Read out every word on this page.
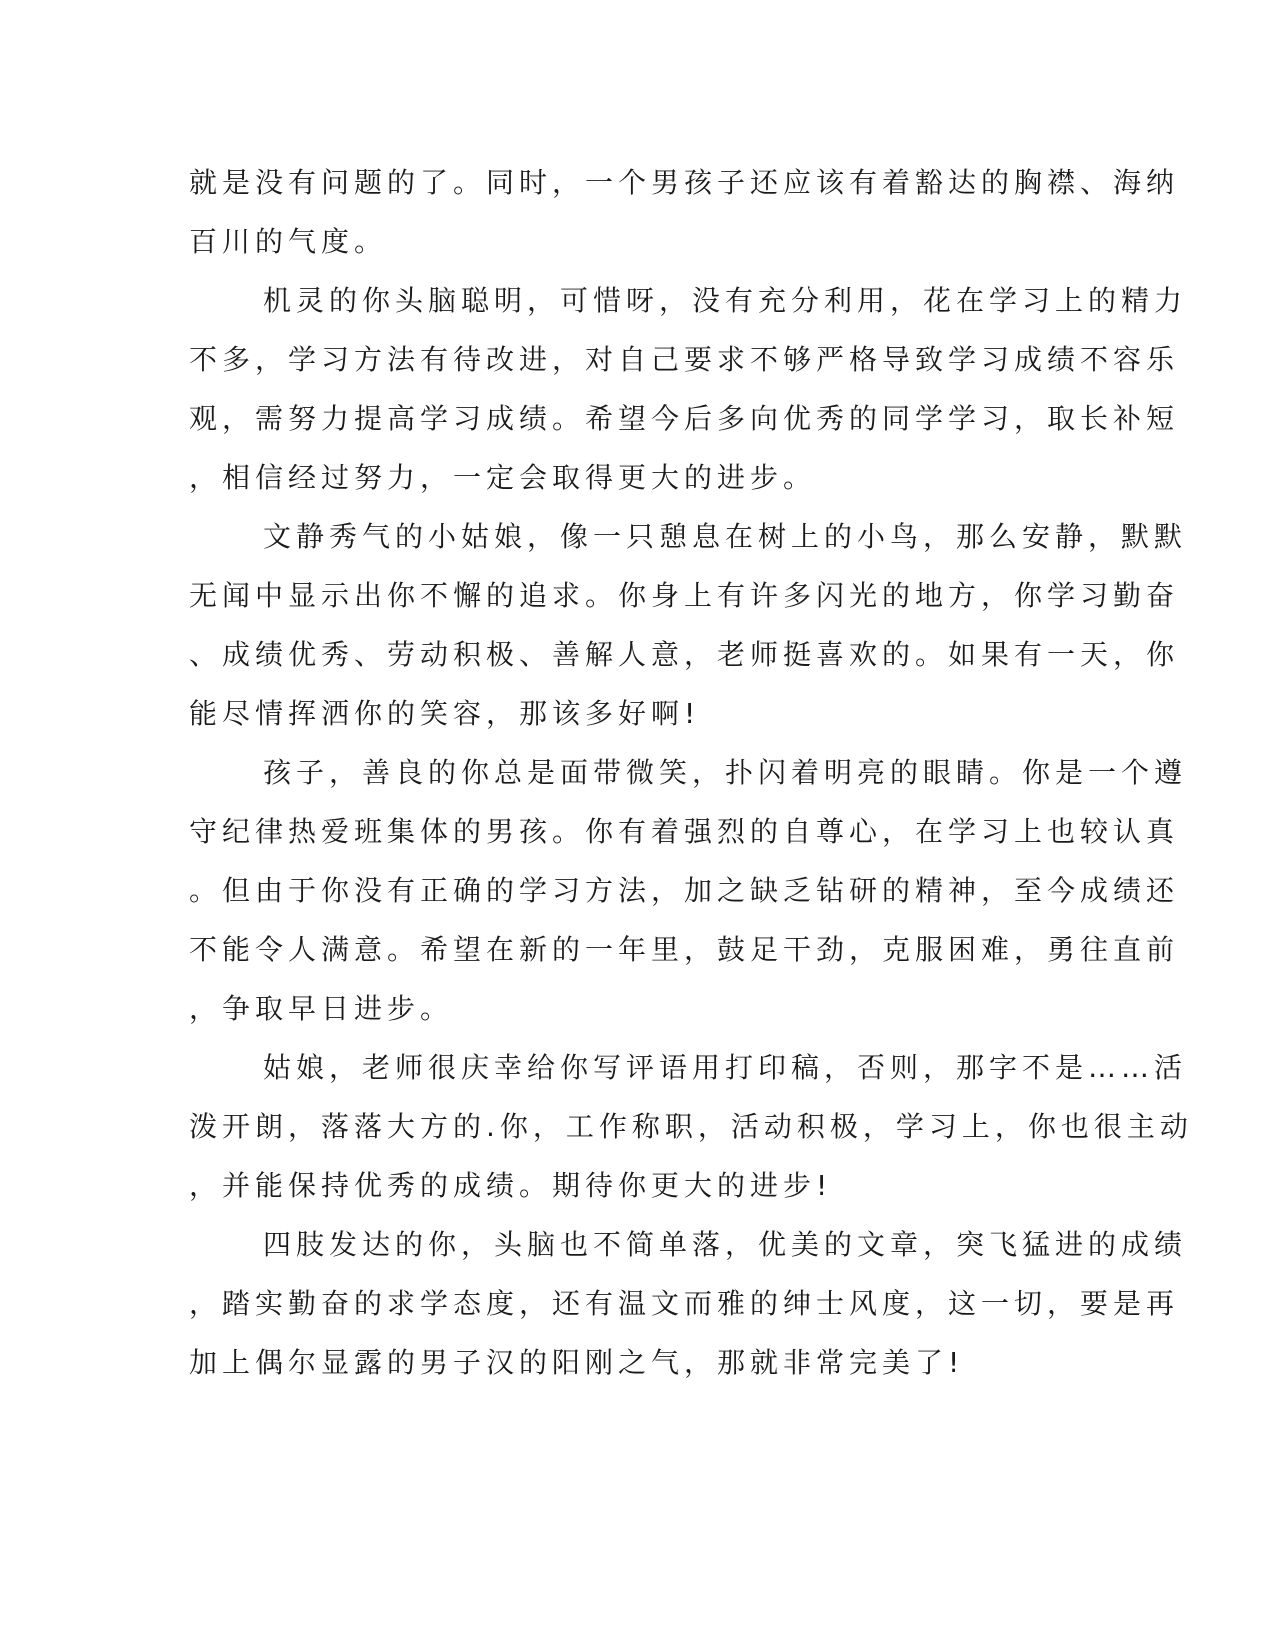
就是没有问题的了。同时，一个男孩子还应该有着豁达的胸襟、海纳
百川的气度。
机灵的你头脑聪明，可惜呀，没有充分利用，花在学习上的精力
不多，学习方法有待改进，对自己要求不够严格导致学习成绩不容乐
观，需努力提高学习成绩。希望今后多向优秀的同学学习，取长补短
，相信经过努力，一定会取得更大的进步。
文静秀气的小姑娘，像一只憩息在树上的小鸟，那么安静，默默
无闻中显示出你不懈的追求。你身上有许多闪光的地方，你学习勤奋
、成绩优秀、劳动积极、善解人意，老师挺喜欢的。如果有一天，你
能尽情挥洒你的笑容，那该多好啊!
孩子，善良的你总是面带微笑，扑闪着明亮的眼睛。你是一个遵
守纪律热爱班集体的男孩。你有着强烈的自尊心，在学习上也较认真
。但由于你没有正确的学习方法，加之缺乏钻研的精神，至今成绩还
不能令人满意。希望在新的一年里，鼓足干劲，克服困难，勇往直前
，争取早日进步。
姑娘，老师很庆幸给你写评语用打印稿，否则，那字不是……活
泼开朗，落落大方的.你，工作称职，活动积极，学习上，你也很主动
，并能保持优秀的成绩。期待你更大的进步!
四肢发达的你，头脑也不简单落，优美的文章，突飞猛进的成绩
，踏实勤奋的求学态度，还有温文而雅的绅士风度，这一切，要是再
加上偶尔显露的男子汉的阳刚之气，那就非常完美了!
